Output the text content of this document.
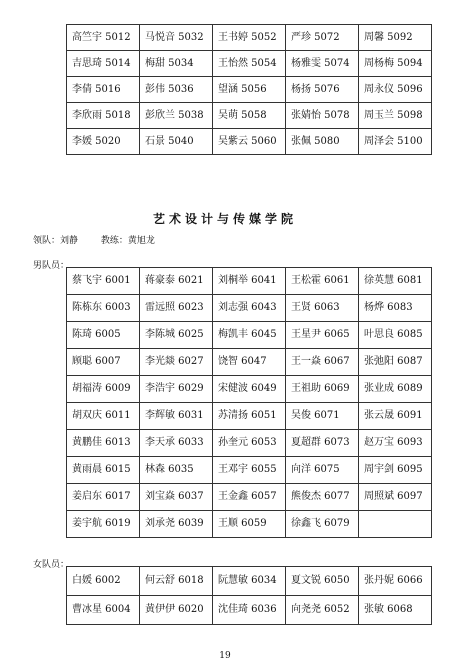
高竺宇 5012	马悦音 5032	王书婷 5052	严珍 5072	周馨 5092
吉思琦 5014	梅甜 5034	王怡然 5054	杨雅雯 5074	周杨梅 5094
李倩 5016	彭伟 5036	望涵 5056	杨扬 5076	周永仪 5096
李欣雨 5018	彭欣兰 5038	吴萌 5058	张婧怡 5078	周玉兰 5098
李媛 5020	石景 5040	吴紫云 5060	张佩 5080	周泽会 5100
艺术设计与传媒学院
领队：刘静	教练：黄旭龙
男队员：
蔡飞宇 6001	蒋豪泰 6021	刘桐举 6041	王松霍 6061	徐英慧 6081
陈栋东 6003	雷远照 6023	刘志强 6043	王贤 6063	杨烨 6083
陈琦 6005	李陈城 6025	梅凯丰 6045	王星尹 6065	叶思良 6085
顾聪 6007	李光燚 6027	饶智 6047	王一焱 6067	张弛阳 6087
胡福涛 6009	李浩宇 6029	宋健波 6049	王祖助 6069	张业成 6089
胡双庆 6011	李辉敏 6031	苏清扬 6051	吴俊 6071	张云晟 6091
黄鹏佳 6013	李天承 6033	孙奎元 6053	夏超群 6073	赵万宝 6093
黄雨晨 6015	林森 6035	王邓宇 6055	向洋 6075	周宇剑 6095
姜启东 6017	刘宝焱 6037	王金鑫 6057	熊俊杰 6077	周照斌 6097
姜宇航 6019	刘承尧 6039	王顺 6059	徐鑫飞 6079	
女队员：
白媛 6002	何云舒 6018	阮慧敏 6034	夏文锐 6050	张丹妮 6066
曹冰星 6004	黄伊伊 6020	沈佳琦 6036	向尧尧 6052	张敏 6068
19
